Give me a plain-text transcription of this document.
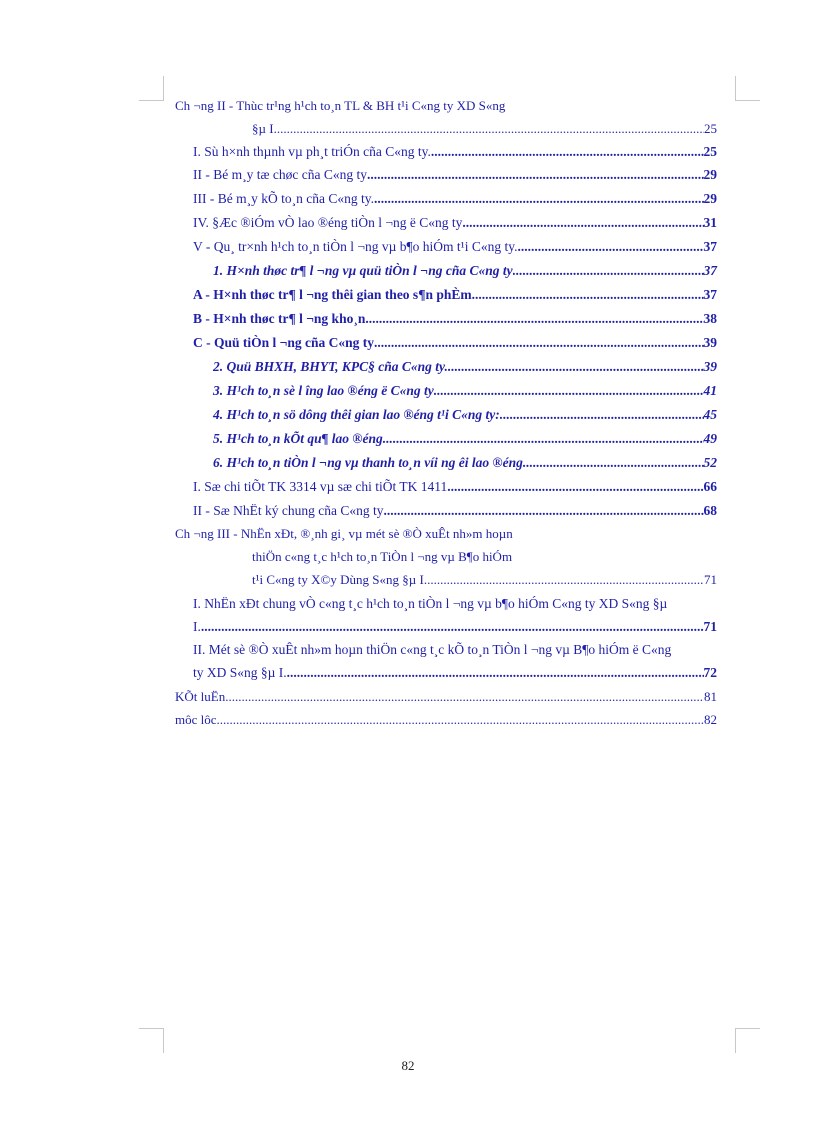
Ch ¬ng II - Thùc tr¹ng h¹ch to¸n TL & BH t¹i C«ng ty XD S«ng
§µ I .....	25
I. Sù h×nh thµnh vµ ph¸t triÓn cña C«ng ty. .....	25
II - Bé m¸y tæ chøc cña C«ng ty .....	29
III - Bé m¸y kÕ to¸n cña C«ng ty. .....	29
IV. §Æc ®iÓm vÒ lao ®éng tiÒn l ¬ng ë C«ng ty .....	31
V - Qu¸ tr×nh h¹ch to¸n tiÒn l ¬ng vµ b¶o hiÓm t¹i C«ng ty. .....	37
1. H×nh thøc tr¶ l ¬ng vµ quü tiÒn l ¬ng cña C«ng ty .....	37
A - H×nh thøc tr¶ l ¬ng thêi gian theo s¶n phÈm .....	37
B - H×nh thøc tr¶ l ¬ng kho¸n .....	38
C - Quü tiÒn l ¬ng cña C«ng ty .....	39
2. Quü BHXH, BHYT, KPC§ cña C«ng ty. .....	39
3. H¹ch to¸n sè l îng lao ®éng ë C«ng ty .....	41
4. H¹ch to¸n sö dông thêi gian lao ®éng t¹i C«ng ty: .....	45
5. H¹ch to¸n kÕt qu¶ lao ®éng .....	49
6. H¹ch to¸n tiÒn l ¬ng vµ thanh to¸n víi ng êi lao ®éng .....	52
I. Sæ chi tiÕt TK 3314 vµ sæ chi tiÕt TK 1411 .....	66
II - Sæ NhËt ký chung cña C«ng ty .....	68
Ch ¬ng III - NhËn xÐt, ®¸nh gi¸ vµ mét sè ®Ò xuÊt nh»m hoµn
thiÖn c«ng t¸c h¹ch to¸n TiÒn l ¬ng vµ B¶o hiÓm
t¹i C«ng ty X©y Dùng S«ng §µ I. .....	71
I. NhËn xÐt chung vÒ c«ng t¸c h¹ch to¸n tiÒn l ¬ng vµ b¶o hiÓm C«ng ty XD S«ng §µ
I. .....	71
II. Mét sè ®Ò xuÊt nh»m hoµn thiÖn c«ng t¸c kÕ to¸n TiÒn l ¬ng vµ B¶o hiÓm ë C«ng
ty XD S«ng §µ I. .....	72
KÕt luËn .....	81
môc lôc .....	82
82
